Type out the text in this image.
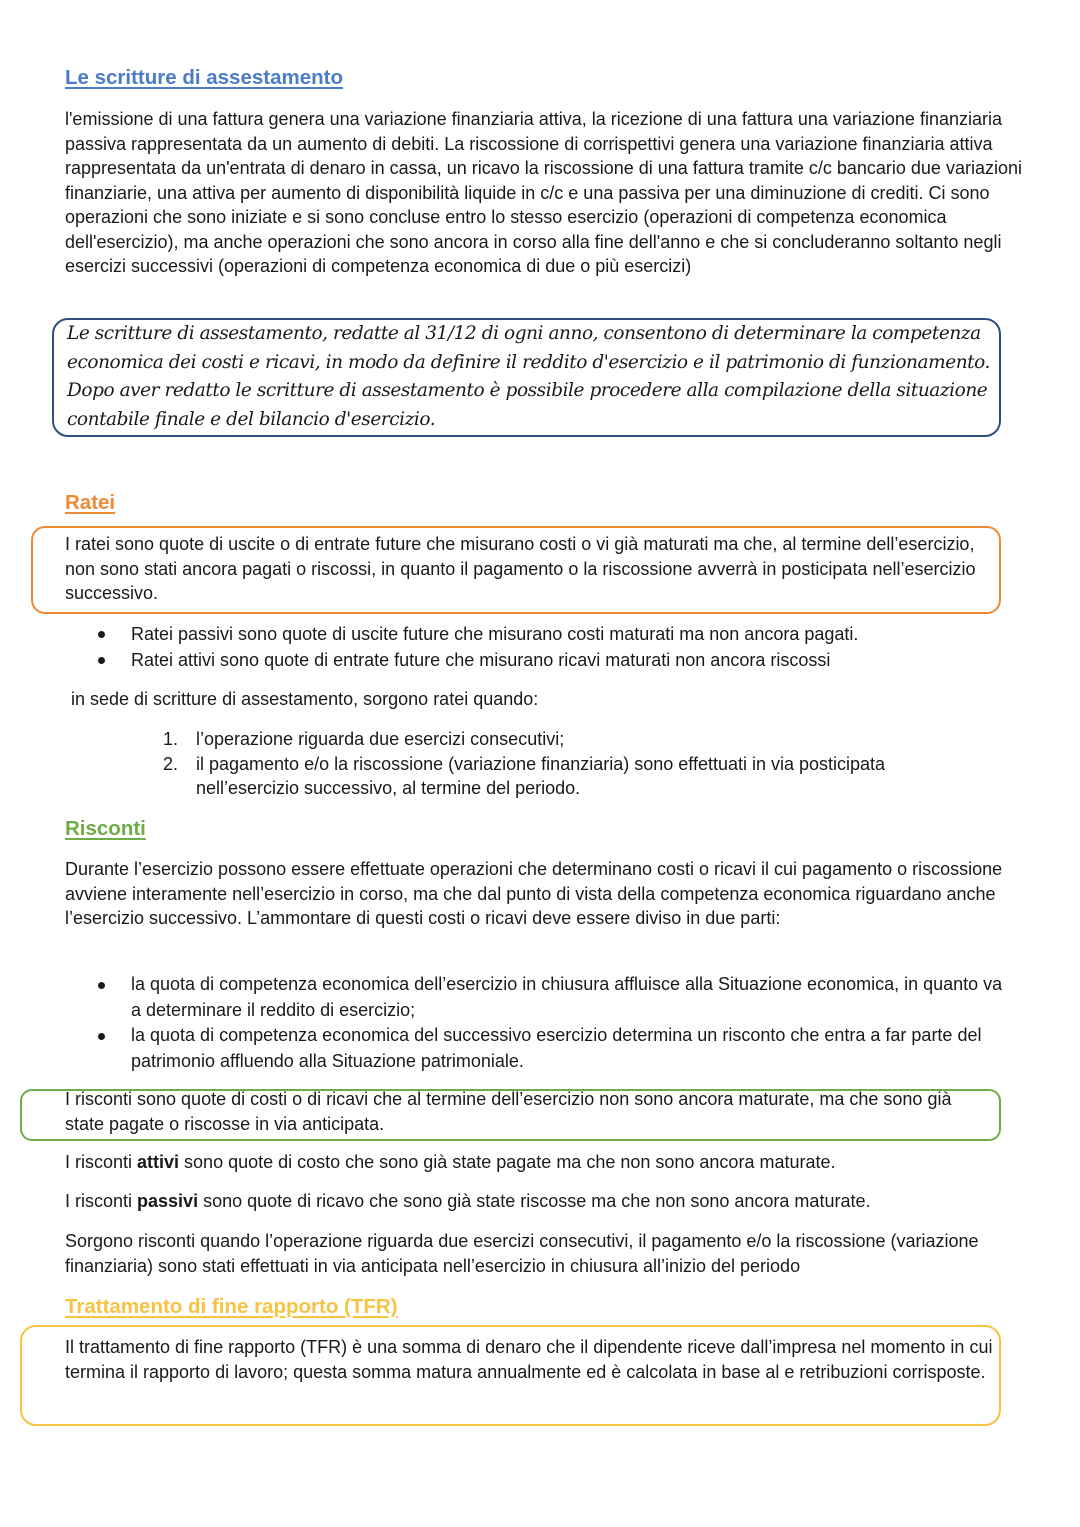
Le scritture di assestamento

l'emissione di una fattura genera una variazione finanziaria attiva, la ricezione di una fattura una variazione finanziaria passiva rappresentata da un aumento di debiti. La riscossione di corrispettivi genera una variazione finanziaria attiva rappresentata da un'entrata di denaro in cassa, un ricavo la riscossione di una fattura tramite c/c bancario due variazioni finanziarie, una attiva per aumento di disponibilità liquide in c/c e una passiva per una diminuzione di crediti. Ci sono operazioni che sono iniziate e si sono concluse entro lo stesso esercizio (operazioni di competenza economica dell'esercizio), ma anche operazioni che sono ancora in corso alla fine dell'anno e che si concluderanno soltanto negli esercizi successivi (operazioni di competenza economica di due o più esercizi)

Le scritture di assestamento, redatte al 31/12 di ogni anno, consentono di determinare la competenza economica dei costi e ricavi, in modo da definire il reddito d'esercizio e il patrimonio di funzionamento. Dopo aver redatto le scritture di assestamento è possibile procedere alla compilazione della situazione contabile finale e del bilancio d'esercizio.

Ratei

I ratei sono quote di uscite o di entrate future che misurano costi o vi già maturati ma che, al termine dell’esercizio, non sono stati ancora pagati o riscossi, in quanto il pagamento o la riscossione avverrà in posticipata nell’esercizio successivo.

Ratei passivi sono quote di uscite future che misurano costi maturati ma non ancora pagati.
Ratei attivi sono quote di entrate future che misurano ricavi maturati non ancora riscossi

in sede di scritture di assestamento, sorgono ratei quando:

1. l’operazione riguarda due esercizi consecutivi;
2. il pagamento e/o la riscossione (variazione finanziaria) sono effettuati in via posticipata nell’esercizio successivo, al termine del periodo.
Risconti

Durante l’esercizio possono essere effettuate operazioni che determinano costi o ricavi il cui pagamento o riscossione avviene interamente nell’esercizio in corso, ma che dal punto di vista della competenza economica riguardano anche l’esercizio successivo. L’ammontare di questi costi o ricavi deve essere diviso in due parti:

la quota di competenza economica dell’esercizio in chiusura affluisce alla Situazione economica, in quanto va a determinare il reddito di esercizio;
la quota di competenza economica del successivo esercizio determina un risconto che entra a far parte del patrimonio affluendo alla Situazione patrimoniale.

I risconti sono quote di costi o di ricavi che al termine dell’esercizio non sono ancora maturate, ma che sono già state pagate o riscosse in via anticipata.

I risconti attivi sono quote di costo che sono già state pagate ma che non sono ancora maturate.

I risconti passivi sono quote di ricavo che sono già state riscosse ma che non sono ancora maturate.

Sorgono risconti quando l’operazione riguarda due esercizi consecutivi, il pagamento e/o la riscossione (variazione finanziaria) sono stati effettuati in via anticipata nell’esercizio in chiusura all’inizio del periodo

Trattamento di fine rapporto (TFR)

Il trattamento di fine rapporto (TFR) è una somma di denaro che il dipendente riceve dall’impresa nel momento in cui termina il rapporto di lavoro; questa somma matura annualmente ed è calcolata in base al e retribuzioni corrisposte.
